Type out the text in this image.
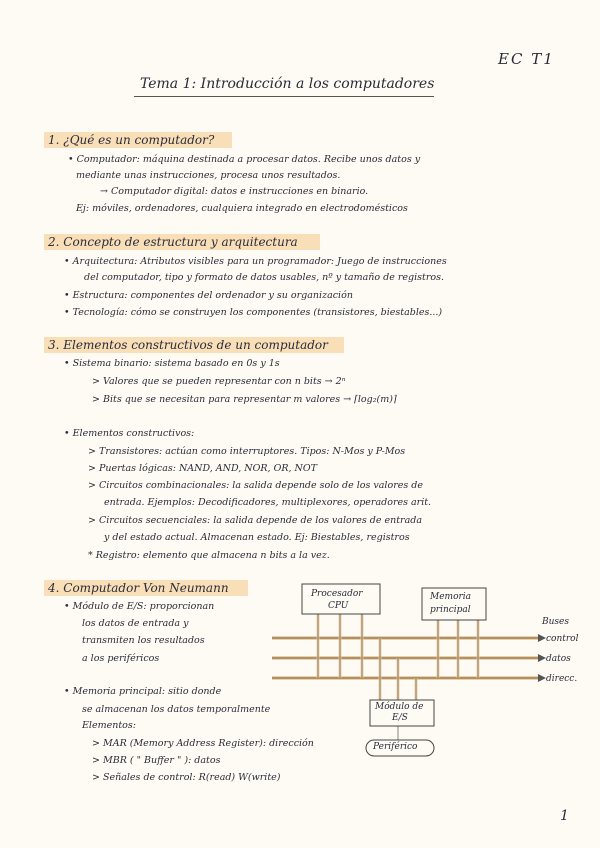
EC T1
Tema 1: Introducción a los computadores
1. ¿Qué es un computador?
• Computador: máquina destinada a procesar datos. Recibe unos datos y
mediante unas instrucciones, procesa unos resultados.
→ Computador digital: datos e instrucciones en binario.
Ej: móviles, ordenadores, cualquiera integrado en electrodomésticos
2. Concepto de estructura y arquitectura
• Arquitectura: Atributos visibles para un programador: Juego de instrucciones
del computador, tipo y formato de datos usables, nº y tamaño de registros.
• Estructura: componentes del ordenador y su organización
• Tecnología: cómo se construyen los componentes (transistores, biestables...)
3. Elementos constructivos de un computador
• Sistema binario: sistema basado en 0s y 1s
> Valores que se pueden representar con n bits → 2ⁿ
> Bits que se necesitan para representar m valores → ⌈log₂(m)⌉
• Elementos constructivos:
> Transistores: actúan como interruptores. Tipos: N-Mos y P-Mos
> Puertas lógicas: NAND, AND, NOR, OR, NOT
> Circuitos combinacionales: la salida depende solo de los valores de
entrada. Ejemplos: Decodificadores, multiplexores, operadores arit.
> Circuitos secuenciales: la salida depende de los valores de entrada
y del estado actual. Almacenan estado. Ej: Biestables, registros
* Registro: elemento que almacena n bits a la vez.
4. Computador Von Neumann
• Módulo de E/S: proporcionan
los datos de entrada y
transmiten los resultados
a los periféricos
• Memoria principal: sitio donde
se almacenan los datos temporalmente
Elementos:
> MAR (Memory Address Register): dirección
> MBR ( " Buffer " ): datos
> Señales de control: R(read) W(write)
Procesador
CPU
Memoria
principal
Módulo de
E/S
Periférico
Buses
control
datos
direcc.
1
